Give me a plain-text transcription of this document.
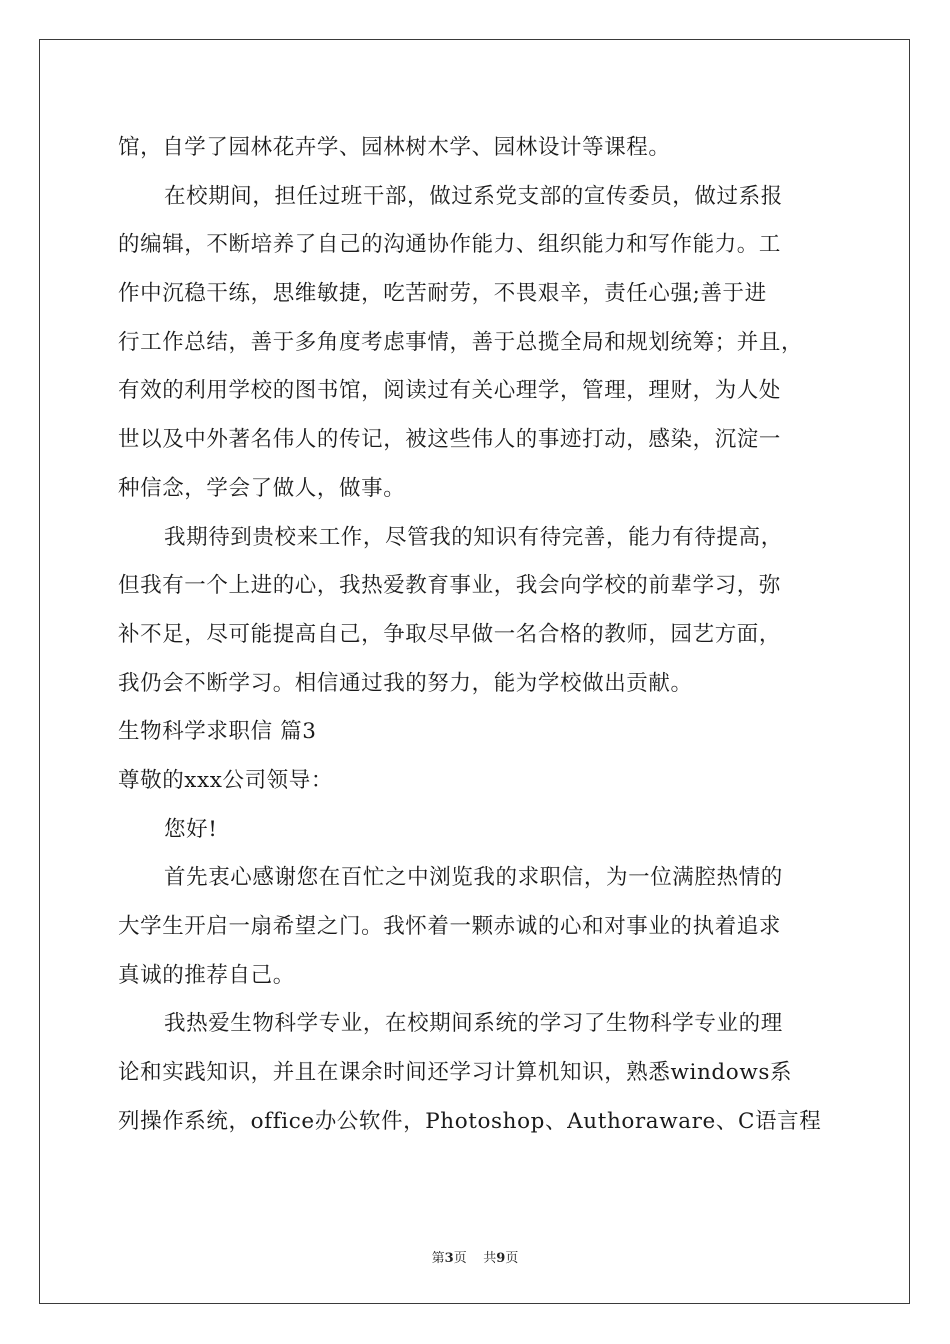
馆，自学了园林花卉学、园林树木学、园林设计等课程。
在校期间，担任过班干部，做过系党支部的宣传委员，做过系报
的编辑，不断培养了自己的沟通协作能力、组织能力和写作能力。工
作中沉稳干练，思维敏捷，吃苦耐劳，不畏艰辛，责任心强;善于进
行工作总结，善于多角度考虑事情，善于总揽全局和规划统筹；并且，
有效的利用学校的图书馆，阅读过有关心理学，管理，理财，为人处
世以及中外著名伟人的传记，被这些伟人的事迹打动，感染，沉淀一
种信念，学会了做人，做事。
我期待到贵校来工作，尽管我的知识有待完善，能力有待提高，
但我有一个上进的心，我热爱教育事业，我会向学校的前辈学习，弥
补不足，尽可能提高自己，争取尽早做一名合格的教师，园艺方面，
我仍会不断学习。相信通过我的努力，能为学校做出贡献。
生物科学求职信 篇3
尊敬的xxx公司领导：
您好!
首先衷心感谢您在百忙之中浏览我的求职信，为一位满腔热情的
大学生开启一扇希望之门。我怀着一颗赤诚的心和对事业的执着追求
真诚的推荐自己。
我热爱生物科学专业，在校期间系统的学习了生物科学专业的理
论和实践知识，并且在课余时间还学习计算机知识，熟悉windows系
列操作系统，office办公软件，Photoshop、Authoraware、C语言程
第3页 共9页
